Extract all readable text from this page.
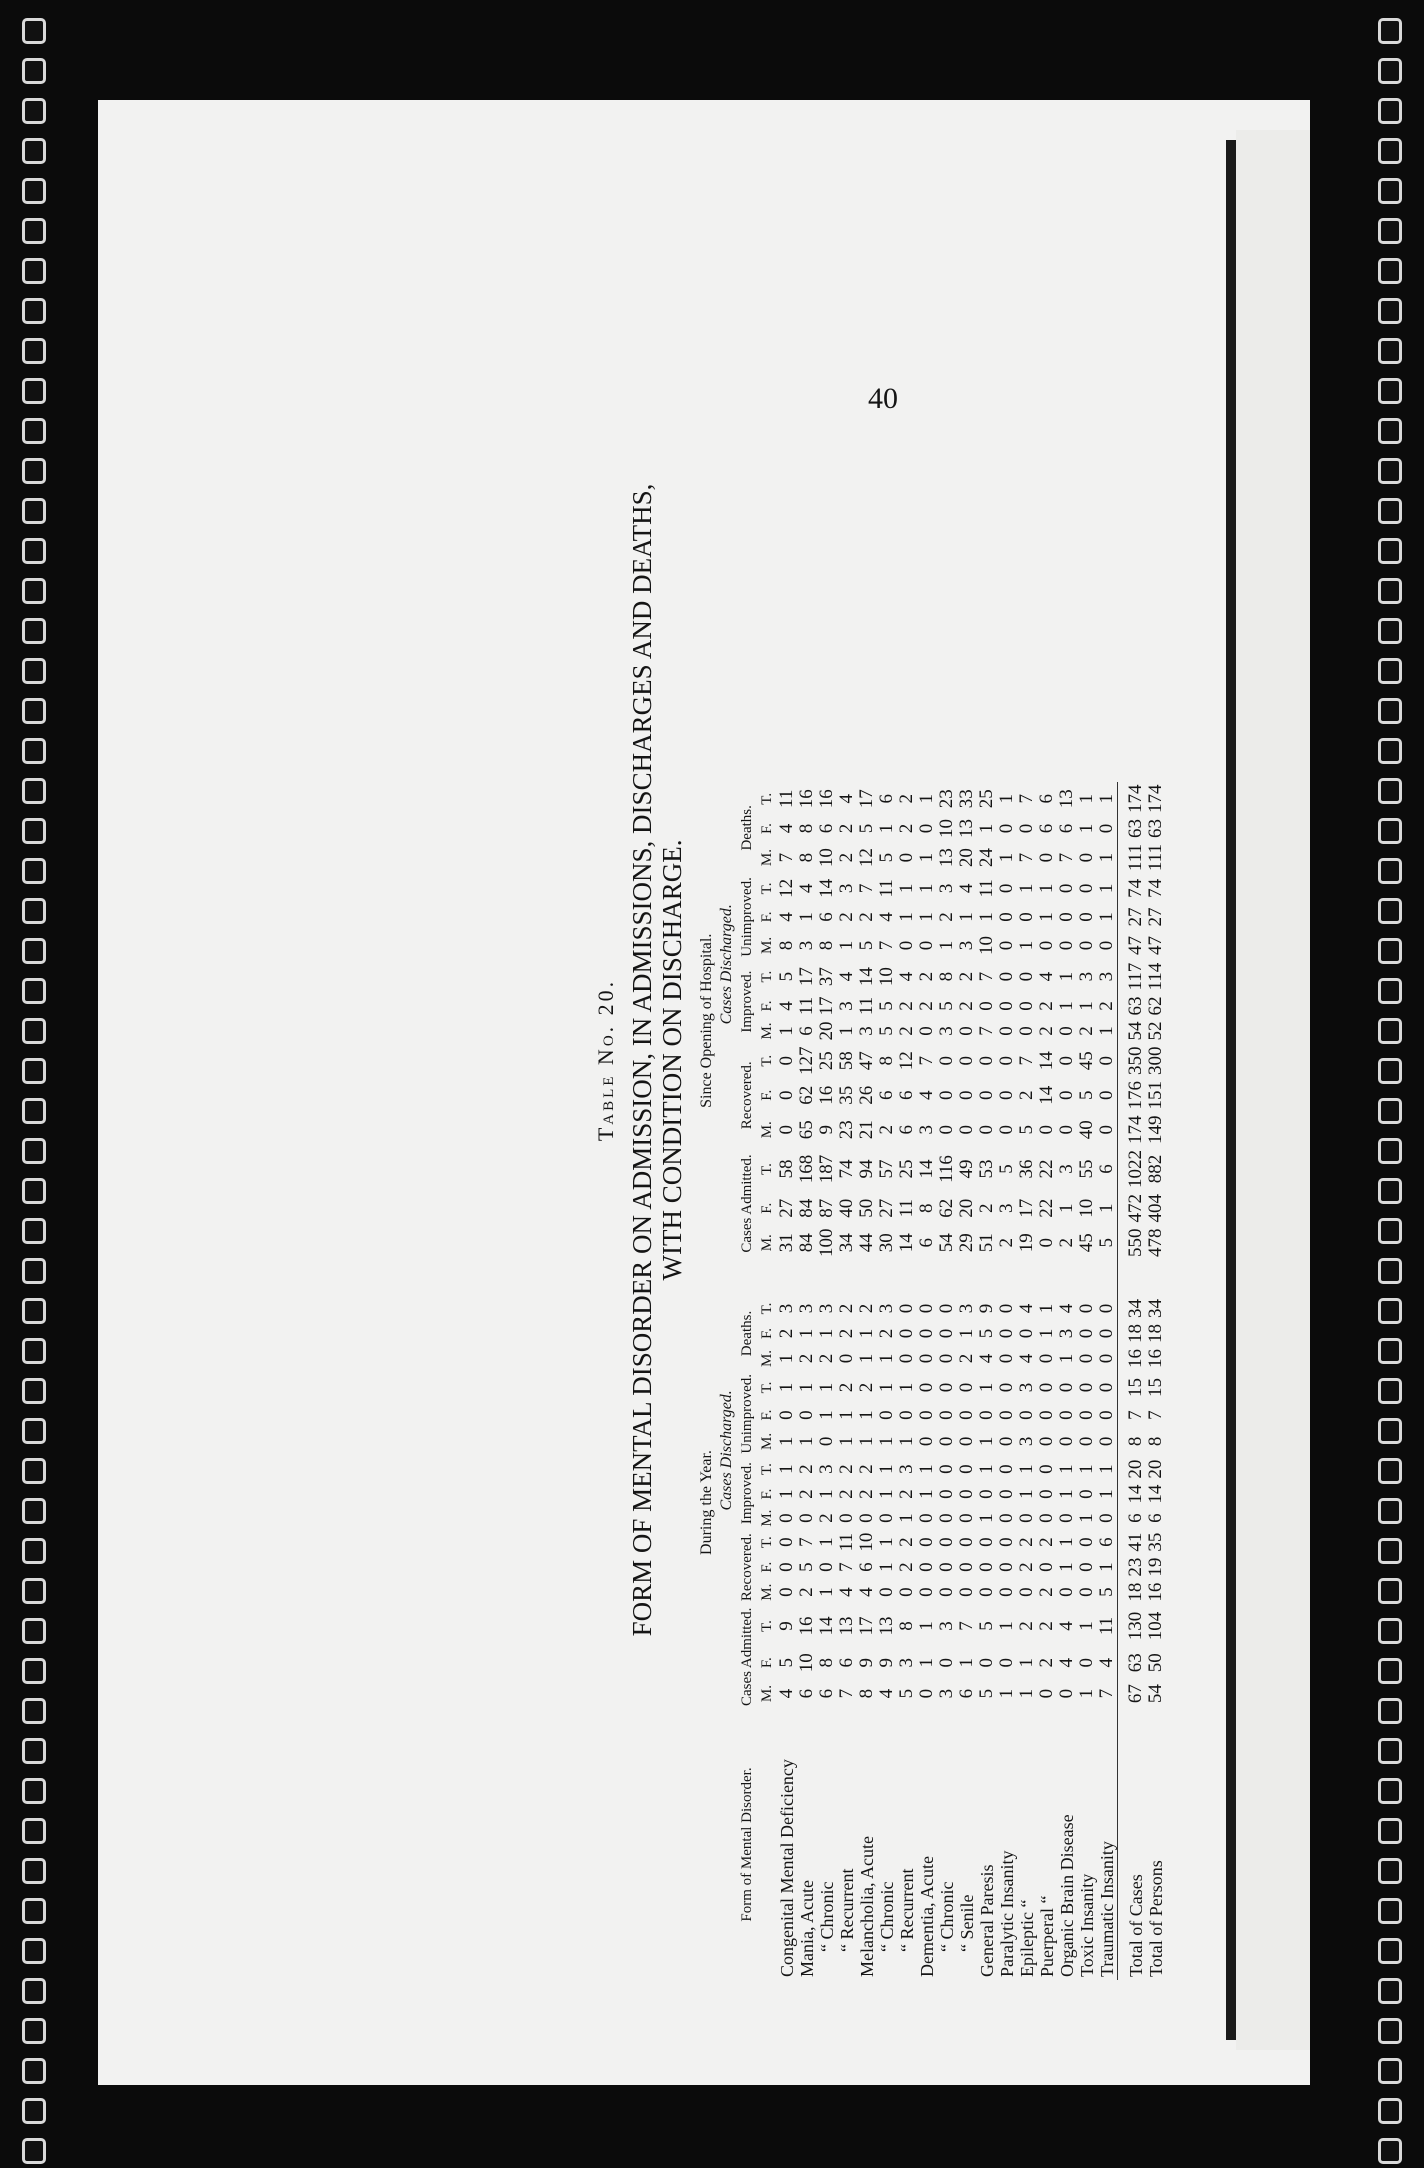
40
Table No. 20. FORM OF MENTAL DISORDER ON ADMISSION, IN ADMISSIONS, DISCHARGES AND DEATHS, WITH CONDITION ON DISCHARGE.
	During the Year.																Since Opening of Hospital.														
				Cases Discharged.																Cases Discharged.											
Form of Mental Disorder.	Cases Admitted.			Recovered.			Improved.			Unimproved.			Deaths.				Cases Admitted.			Recovered.			Improved.			Unimproved.			Deaths.		
	M.	F.	T.	M.	F.	T.	M.	F.	T.	M.	F.	T.	M.	F.	T.		M.	F.	T.	M.	F.	T.	M.	F.	T.	M.	F.	T.	M.	F.	T.
Congenital Mental Deficiency	4	5	9	0	0	0	0	1	1	1	0	1	1	2	3		31	27	58	0	0	0	1	4	5	8	4	12	7	4	11
Mania, Acute	6	10	16	2	5	7	0	2	2	1	0	1	2	1	3		84	84	168	65	62	127	6	11	17	3	1	4	8	8	16
“ Chronic	6	8	14	1	0	1	2	1	3	0	1	1	2	1	3		100	87	187	9	16	25	20	17	37	8	6	14	10	6	16
“ Recurrent	7	6	13	4	7	11	0	2	2	1	1	2	0	2	2		34	40	74	23	35	58	1	3	4	1	2	3	2	2	4
Melancholia, Acute	8	9	17	4	6	10	0	2	2	1	1	2	1	1	2		44	50	94	21	26	47	3	11	14	5	2	7	12	5	17
“ Chronic	4	9	13	0	1	1	0	1	1	1	0	1	1	2	3		30	27	57	2	6	8	5	5	10	7	4	11	5	1	6
“ Recurrent	5	3	8	0	2	2	1	2	3	1	0	1	0	0	0		14	11	25	6	6	12	2	2	4	0	1	1	0	2	2
Dementia, Acute	0	1	1	0	0	0	0	1	1	0	0	0	0	0	0		6	8	14	3	4	7	0	2	2	0	1	1	1	0	1
“ Chronic	3	0	3	0	0	0	0	0	0	0	0	0	0	0	0		54	62	116	0	0	0	3	5	8	1	2	3	13	10	23
“ Senile	6	1	7	0	0	0	0	0	0	0	0	0	2	1	3		29	20	49	0	0	0	0	2	2	3	1	4	20	13	33
General Paresis	5	0	5	0	0	0	1	0	1	1	0	1	4	5	9		51	2	53	0	0	0	7	0	7	10	1	11	24	1	25
Paralytic Insanity	1	0	1	0	0	0	0	0	0	0	0	0	0	0	0		2	3	5	0	0	0	0	0	0	0	0	0	1	0	1
Epileptic “	1	1	2	0	2	2	0	1	1	3	0	3	4	0	4		19	17	36	5	2	7	0	0	0	1	0	1	7	0	7
Puerperal “	0	2	2	2	0	2	0	0	0	0	0	0	0	1	1		0	22	22	0	14	14	2	2	4	0	1	1	0	6	6
Organic Brain Disease	0	4	4	0	1	1	0	1	1	0	0	0	1	3	4		2	1	3	0	0	0	0	1	1	0	0	0	7	6	13
Toxic Insanity	1	0	1	0	0	0	1	0	1	0	0	0	0	0	0		45	10	55	40	5	45	2	1	3	0	0	0	0	1	1
Traumatic Insanity	7	4	11	5	1	6	0	1	1	0	0	0	0	0	0		5	1	6	0	0	0	1	2	3	0	1	1	1	0	1

Total of Cases	67	63	130	18	23	41	6	14	20	8	7	15	16	18	34		550	472	1022	174	176	350	54	63	117	47	27	74	111	63	174
Total of Persons	54	50	104	16	19	35	6	14	20	8	7	15	16	18	34		478	404	882	149	151	300	52	62	114	47	27	74	111	63	174
